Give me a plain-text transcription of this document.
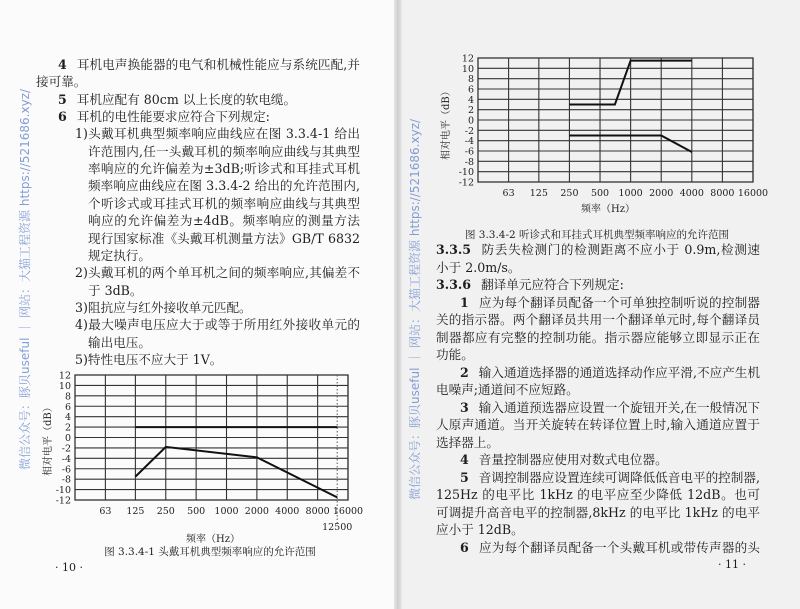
微信公众号：豚贝useful ｜ 网站：大猫工程资源 https://521686.xyz/	微信公众号：豚贝useful ｜ 网站：大猫工程资源 https://521686.xyz/
4 耳机电声换能器的电气和机械性能应与系统匹配,并
接可靠。
5 耳机应配有 80cm 以上长度的软电缆。
6 耳机的电性能要求应符合下列规定:
1)头戴耳机典型频率响应曲线应在图 3.3.4-1 给出
许范围内,任一头戴耳机的频率响应曲线与其典型
率响应的允许偏差为±3dB;听诊式和耳挂式耳机
频率响应曲线应在图 3.3.4-2 给出的允许范围内,
个听诊式或耳挂式耳机的频率响应曲线与其典型
响应的允许偏差为±4dB。频率响应的测量方法
现行国家标准《头戴耳机测量方法》GB/T 6832
规定执行。
2)头戴耳机的两个单耳机之间的频率响应,其偏差不
于 3dB。
3)阻抗应与红外接收单元匹配。
4)最大噪声电压应大于或等于所用红外接收单元的
输出电压。
5)特性电压不应大于 1V。
3.3.5 防丢失检测门的检测距离不应小于 0.9m,检测速
小于 2.0m/s。
3.3.6 翻译单元应符合下列规定:
1 应为每个翻译员配备一个可单独控制听说的控制器
关的指示器。两个翻译员共用一个翻译单元时,每个翻译员
制器都应有完整的控制功能。指示器应能够立即显示正在
功能。
2 输入通道选择器的通道选择动作应平滑,不应产生机
电噪声;通道间不应短路。
3 输入通道预选器应设置一个旋钮开关,在一般情况下
人原声通道。当开关旋转在转译位置上时,输入通道应置于
选择器上。
4 音量控制器应使用对数式电位器。
5 音调控制器应设置连续可调降低低音电平的控制器,
125Hz 的电平比 1kHz 的电平应至少降低 12dB。也可
可调提升高音电平的控制器,8kHz 的电平比 1kHz 的电平
应小于 12dB。
6 应为每个翻译员配备一个头戴耳机或带传声器的头
相对电平（dB）
频率（Hz）
图 3.3.4-1 头戴耳机典型频率响应的允许范围
· 10 ·
相对电平（dB）
频率（Hz）
图 3.3.4-2 听诊式和耳挂式耳机典型频率响应的允许范围
· 11 ·
12
10
8
6
4
2
0
-2
-4
-6
-8
-10
-12
63 125 250 500 1000 2000 4000 8000 16000
12500
12
10
8
6
4
2
0
-2
-4
-6
-8
-10
-12
63 125 250 500 1000 2000 4000 8000 16000
